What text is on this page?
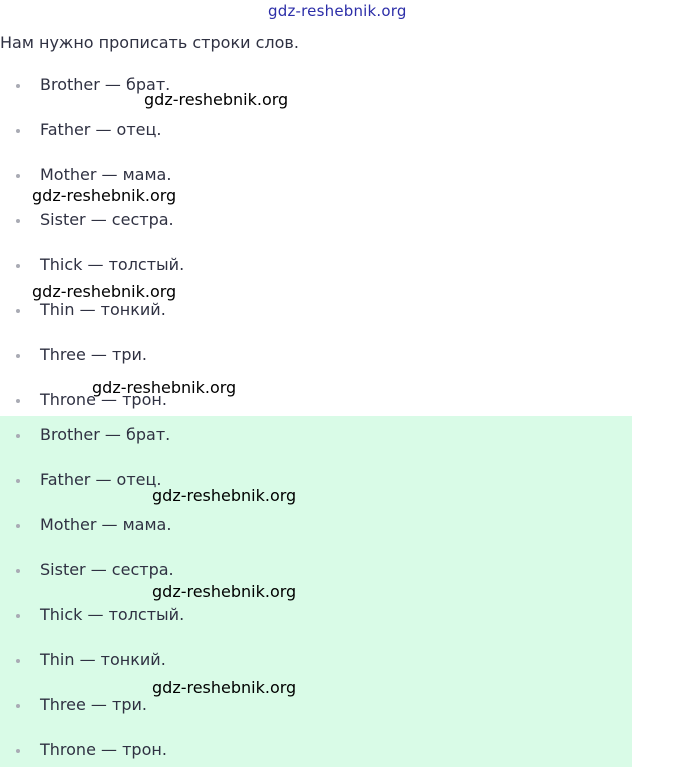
gdz-reshebnik.org
Нам нужно прописать строки слов.
Brother — брат.
Father — отец.
Mother — мама.
Sister — сестра.
Thick — толстый.
Thin — тонкий.
Three — три.
Throne — трон.
Brother — брат.
Father — отец.
Mother — мама.
Sister — сестра.
Thick — толстый.
Thin — тонкий.
Three — три.
Throne — трон.
gdz-reshebnik.org
gdz-reshebnik.org
gdz-reshebnik.org
gdz-reshebnik.org
gdz-reshebnik.org
gdz-reshebnik.org
gdz-reshebnik.org
